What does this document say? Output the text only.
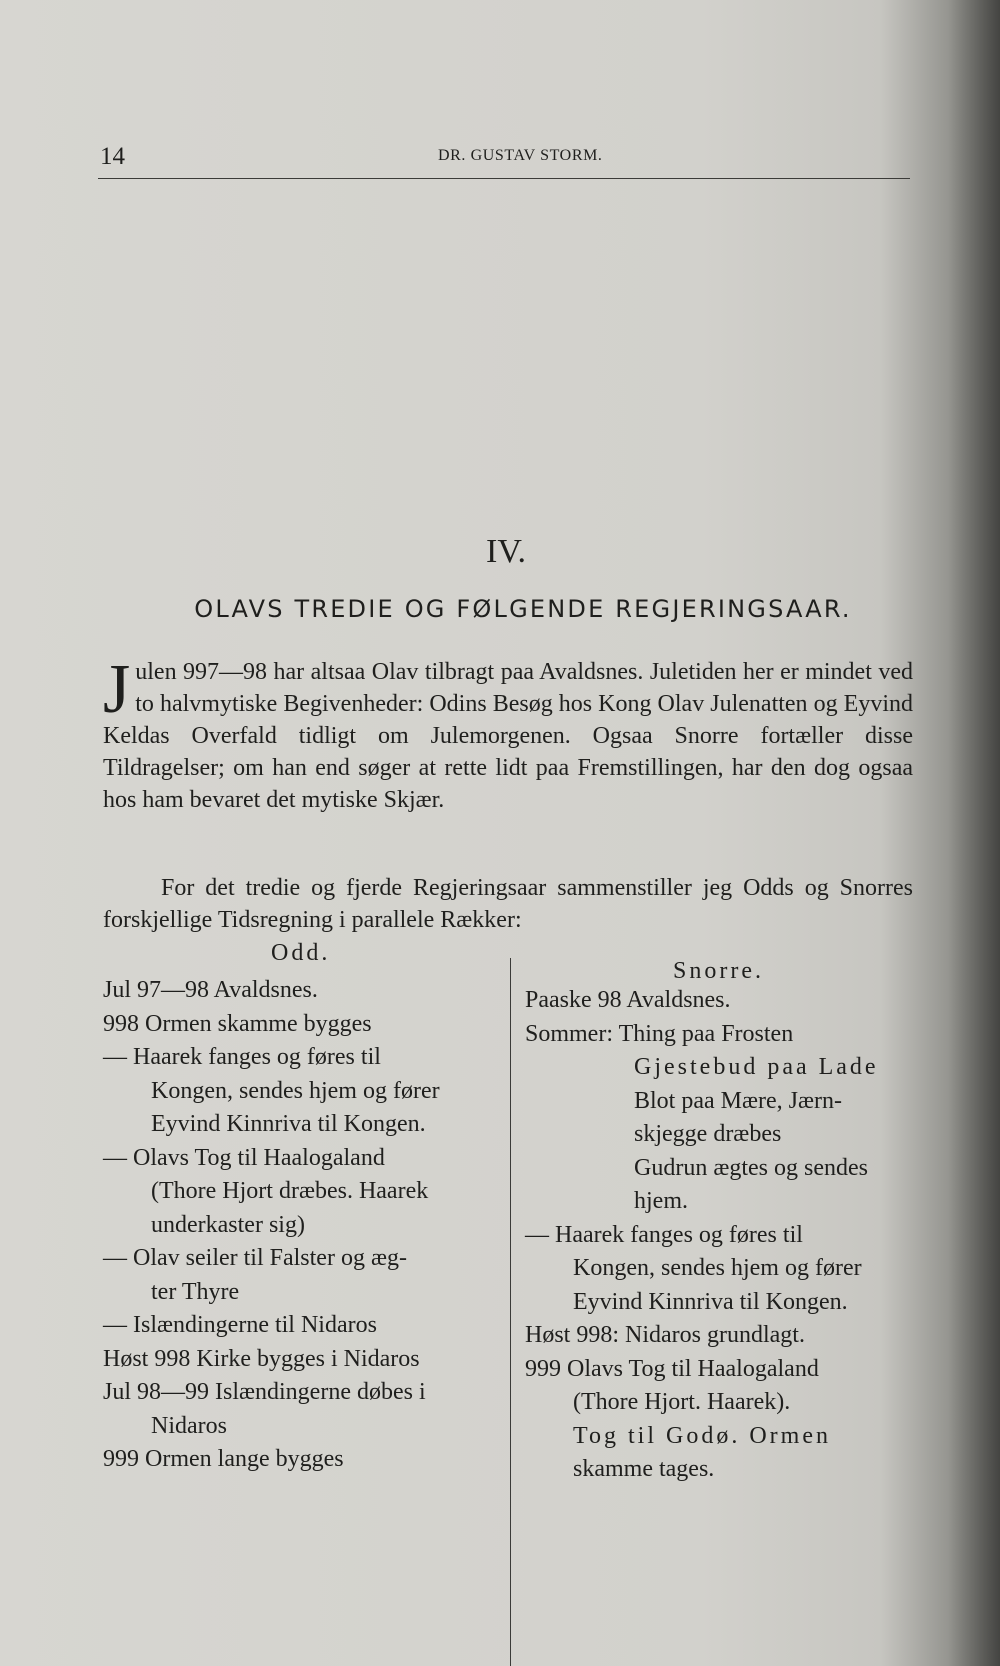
14	DR. GUSTAV STORM.
IV.
OLAVS TREDIE OG FØLGENDE REGJERINGSAAR.
J ulen 997—98 har altsaa Olav tilbragt paa Avaldsnes. Juletiden her er mindet ved to halvmytiske Begivenheder: Odins Besøg hos Kong Olav Julenatten og Eyvind Keldas Overfald tidligt om Julemorgenen. Ogsaa Snorre fortæller disse Tildragelser; om han end søger at rette lidt paa Fremstillingen, har den dog ogsaa hos ham bevaret det mytiske Skjær.
For det tredie og fjerde Regjeringsaar sammenstiller jeg Odds og Snorres forskjellige Tidsregning i parallele Rækker:
Odd.
Snorre.

Jul 97—98 Avaldsnes.

998 Ormen skamme bygges

— Haarek fanges og føres til

Kongen, sendes hjem og fører

Eyvind Kinnriva til Kongen.

— Olavs Tog til Haalogaland

(Thore Hjort dræbes. Haarek

underkaster sig)

— Olav seiler til Falster og æg-

ter Thyre

— Islændingerne til Nidaros

Høst 998 Kirke bygges i Nidaros

Jul 98—99 Islændingerne døbes i

Nidaros

999 Ormen lange bygges

Paaske 98 Avaldsnes.

Sommer: Thing paa Frosten

Gjestebud paa Lade

Blot paa Mære, Jærn-

skjegge dræbes

Gudrun ægtes og sendes

hjem.

— Haarek fanges og føres til

Kongen, sendes hjem og fører

Eyvind Kinnriva til Kongen.

Høst 998: Nidaros grundlagt.

999 Olavs Tog til Haalogaland

(Thore Hjort. Haarek).

Tog til Godø. Ormen

skamme tages.
